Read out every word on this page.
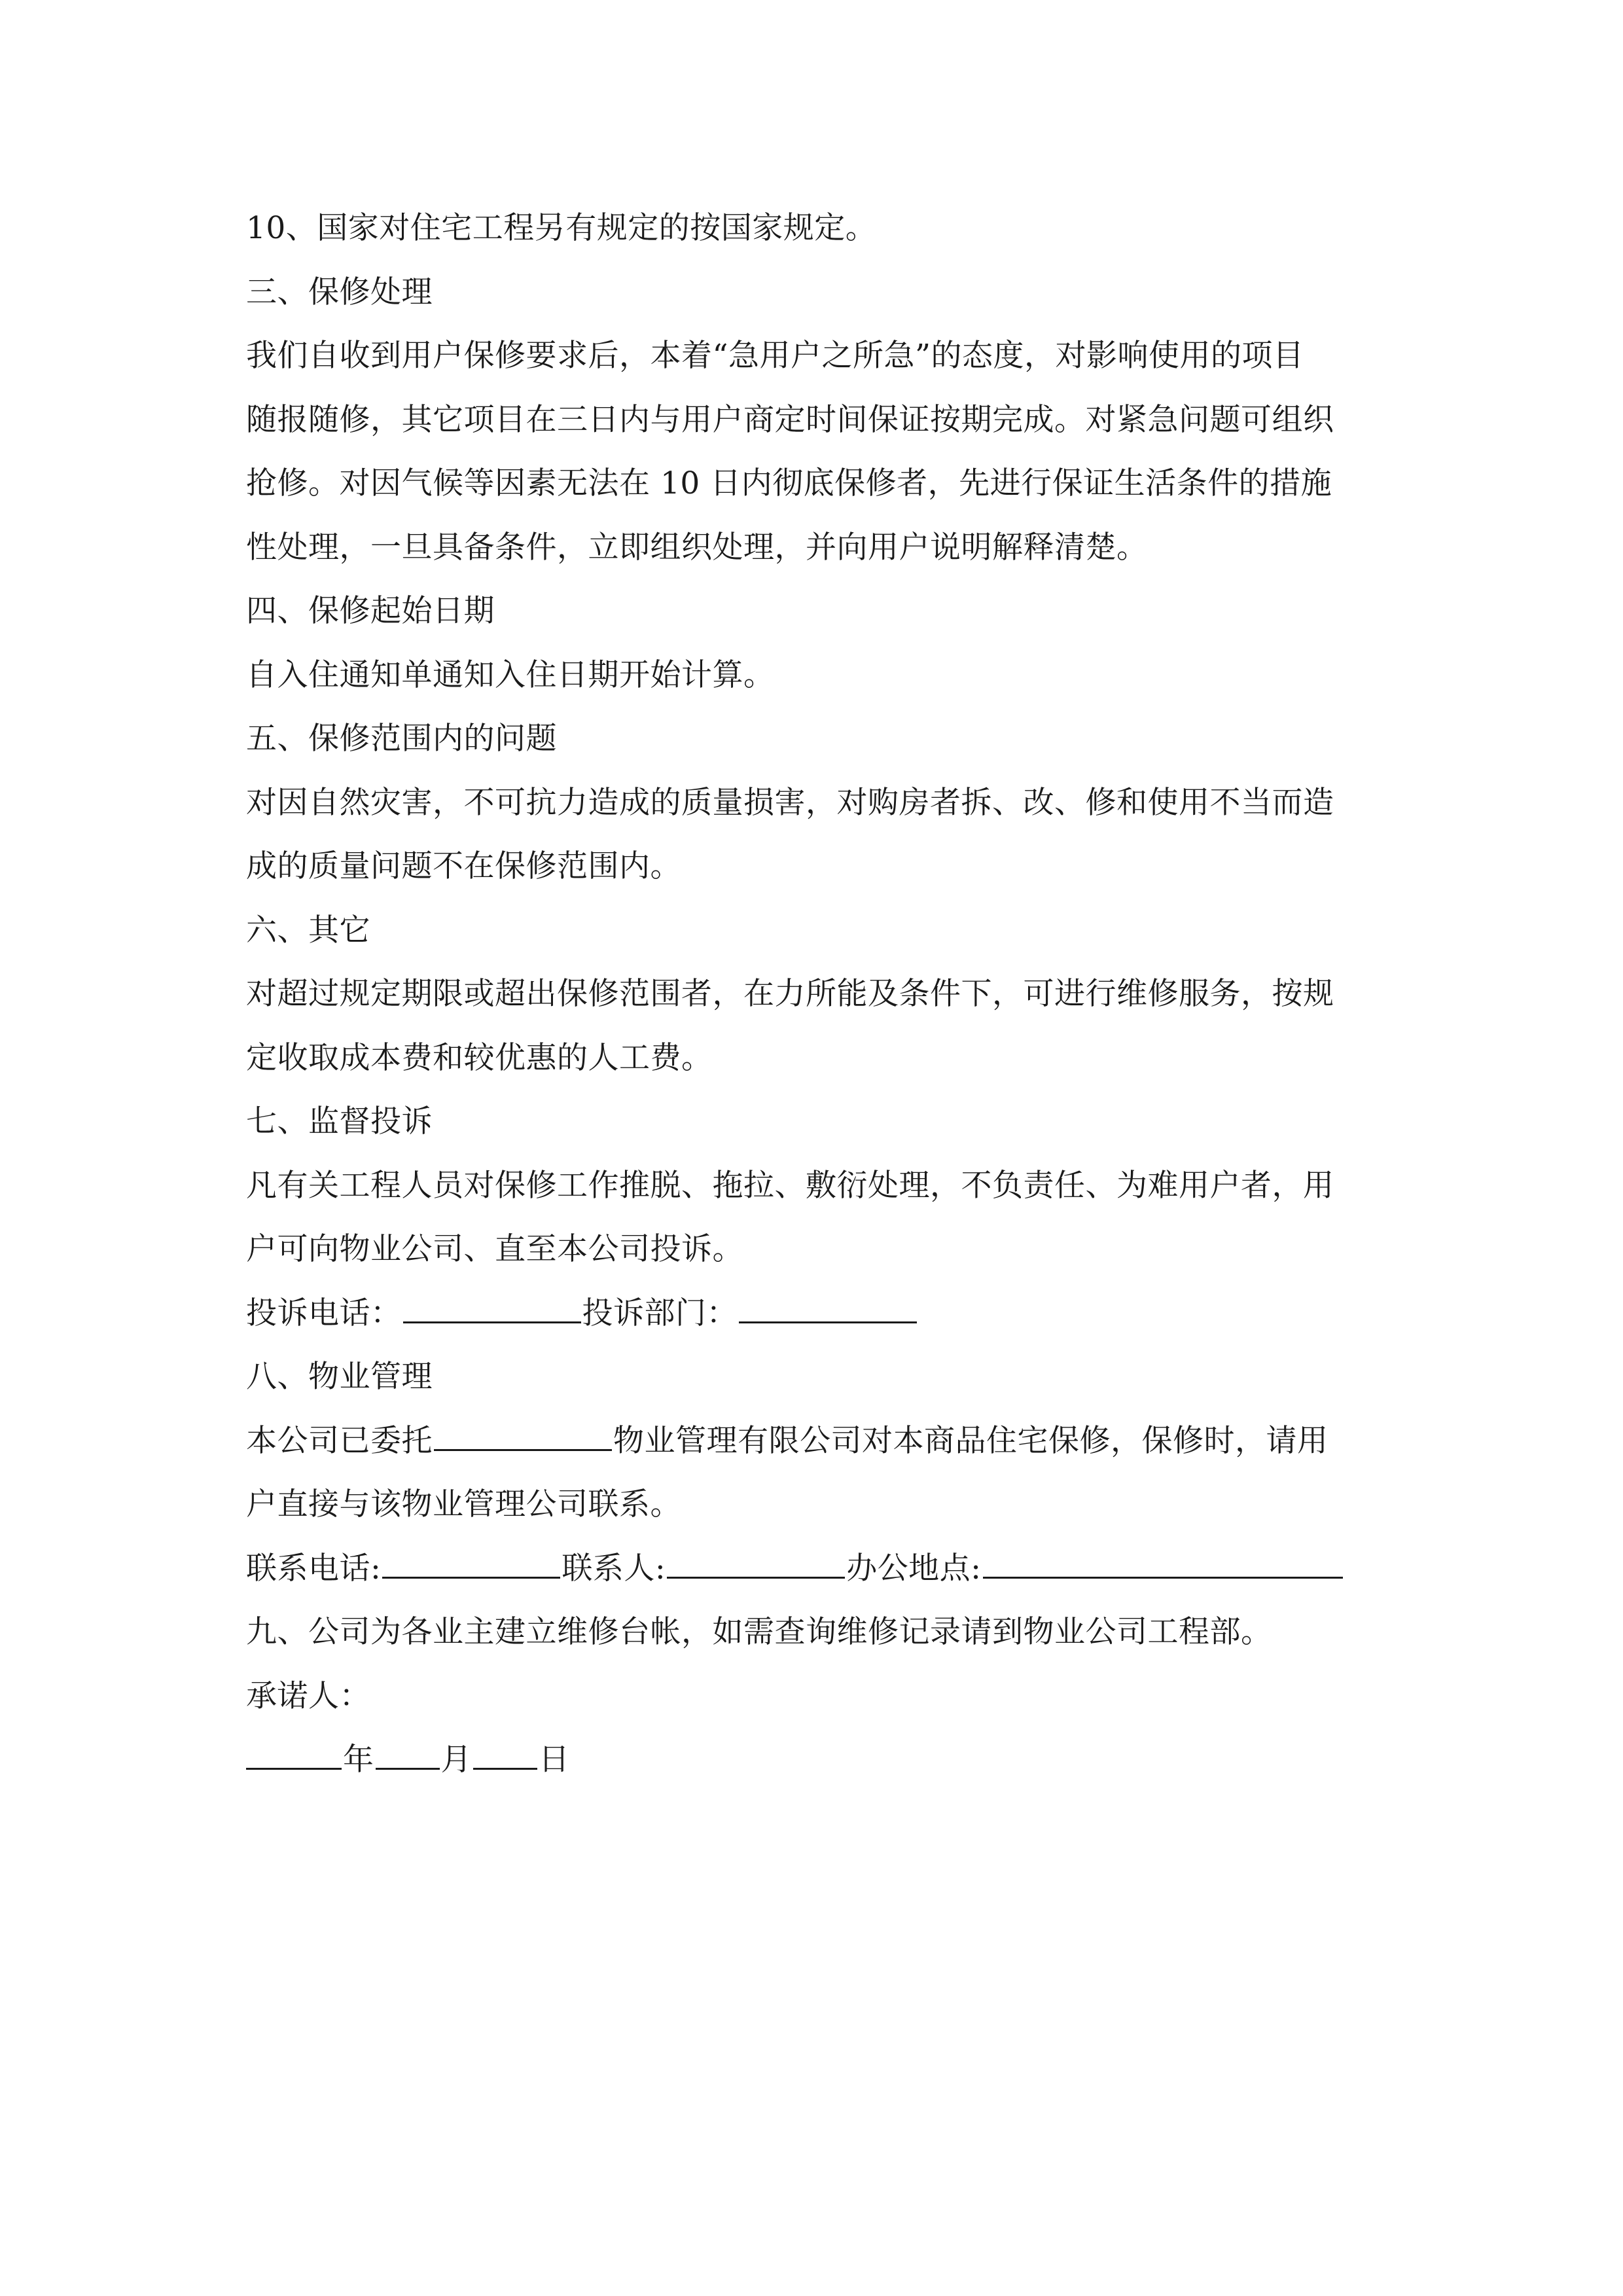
10、国家对住宅工程另有规定的按国家规定。
三、保修处理
我们自收到用户保修要求后，本着“急用户之所急”的态度，对影响使用的项目
随报随修，其它项目在三日内与用户商定时间保证按期完成。对紧急问题可组织
抢修。对因气候等因素无法在 10 日内彻底保修者，先进行保证生活条件的措施
性处理，一旦具备条件，立即组织处理，并向用户说明解释清楚。
四、保修起始日期
自入住通知单通知入住日期开始计算。
五、保修范围内的问题
对因自然灾害，不可抗力造成的质量损害，对购房者拆、改、修和使用不当而造
成的质量问题不在保修范围内。
六、其它
对超过规定期限或超出保修范围者，在力所能及条件下，可进行维修服务，按规
定收取成本费和较优惠的人工费。
七、监督投诉
凡有关工程人员对保修工作推脱、拖拉、敷衍处理，不负责任、为难用户者，用
户可向物业公司、直至本公司投诉。
投诉电话：	投诉部门：
八、物业管理
本公司已委托	物业管理有限公司对本商品住宅保修，保修时，请用
户直接与该物业管理公司联系。
联系电话:	联系人:	办公地点:
九、公司为各业主建立维修台帐，如需查询维修记录请到物业公司工程部。
承诺人：
年 月 日
